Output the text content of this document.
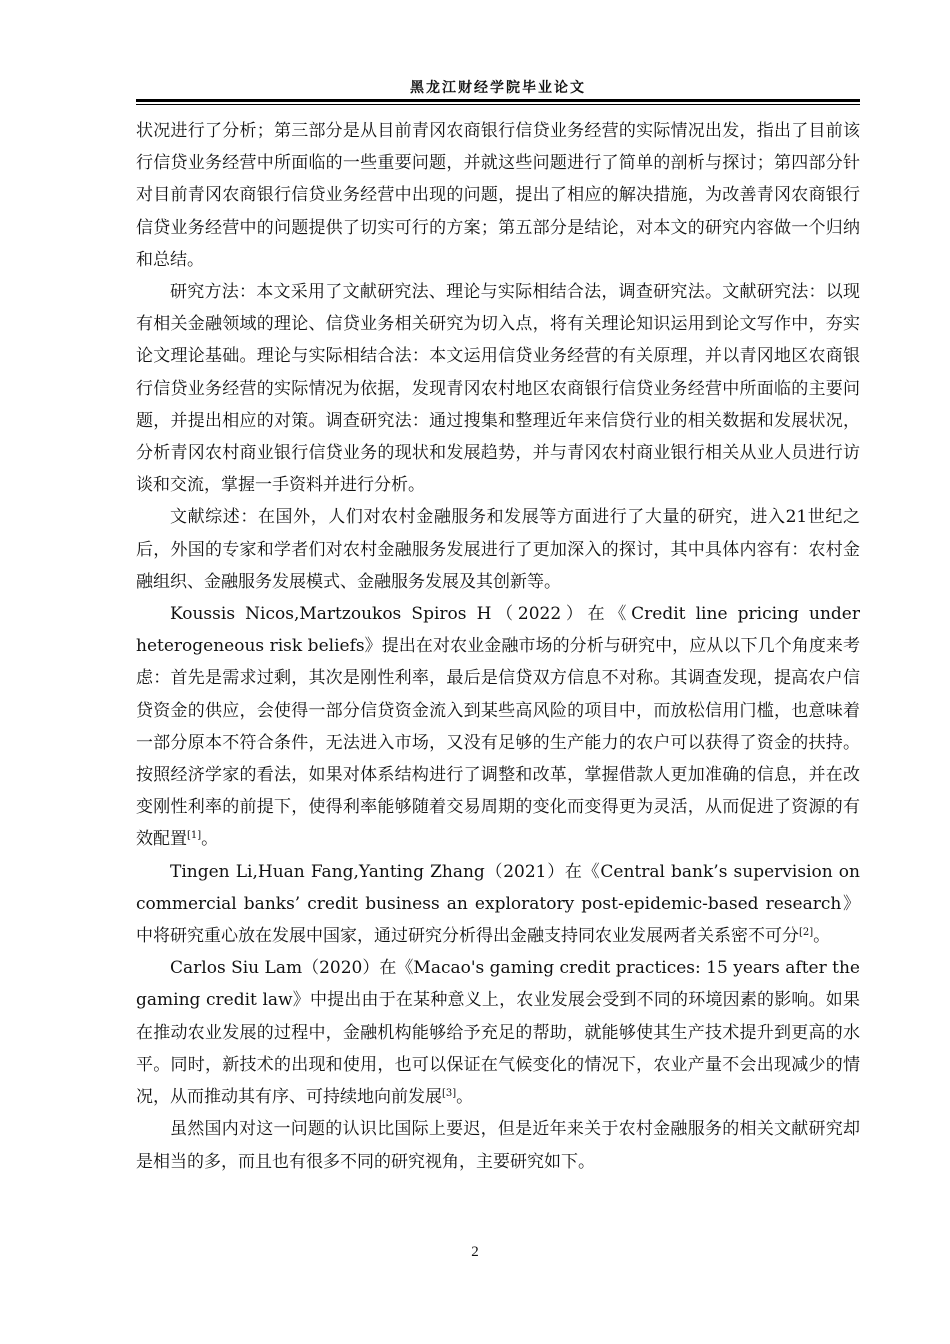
黑龙江财经学院毕业论文

状况进行了分析；第三部分是从目前青冈农商银行信贷业务经营的实际情况出发，指出了目前该行信贷业务经营中所面临的一些重要问题，并就这些问题进行了简单的剖析与探讨；第四部分针对目前青冈农商银行信贷业务经营中出现的问题，提出了相应的解决措施，为改善青冈农商银行信贷业务经营中的问题提供了切实可行的方案；第五部分是结论，对本文的研究内容做一个归纳和总结。

研究方法：本文采用了文献研究法、理论与实际相结合法，调查研究法。文献研究法：以现有相关金融领域的理论、信贷业务相关研究为切入点，将有关理论知识运用到论文写作中，夯实论文理论基础。理论与实际相结合法：本文运用信贷业务经营的有关原理，并以青冈地区农商银行信贷业务经营的实际情况为依据，发现青冈农村地区农商银行信贷业务经营中所面临的主要问题，并提出相应的对策。调查研究法：通过搜集和整理近年来信贷行业的相关数据和发展状况，分析青冈农村商业银行信贷业务的现状和发展趋势，并与青冈农村商业银行相关从业人员进行访谈和交流，掌握一手资料并进行分析。

文献综述：在国外，人们对农村金融服务和发展等方面进行了大量的研究，进入21世纪之后，外国的专家和学者们对农村金融服务发展进行了更加深入的探讨，其中具体内容有：农村金融组织、金融服务发展模式、金融服务发展及其创新等。

Koussis Nicos,Martzoukos Spiros H（2022）在《Credit line pricing under heterogeneous risk beliefs》提出在对农业金融市场的分析与研究中，应从以下几个角度来考虑：首先是需求过剩，其次是刚性利率，最后是信贷双方信息不对称。其调查发现，提高农户信贷资金的供应，会使得一部分信贷资金流入到某些高风险的项目中，而放松信用门槛，也意味着一部分原本不符合条件，无法进入市场，又没有足够的生产能力的农户可以获得了资金的扶持。按照经济学家的看法，如果对体系结构进行了调整和改革，掌握借款人更加准确的信息，并在改变刚性利率的前提下，使得利率能够随着交易周期的变化而变得更为灵活，从而促进了资源的有效配置[1]。

Tingen Li,Huan Fang,Yanting Zhang（2021）在《Central bank’s supervision on commercial banks’ credit business an exploratory post-epidemic-based research》中将研究重心放在发展中国家，通过研究分析得出金融支持同农业发展两者关系密不可分[2]。

Carlos Siu Lam（2020）在《Macao's gaming credit practices: 15 years after the gaming credit law》中提出由于在某种意义上，农业发展会受到不同的环境因素的影响。如果在推动农业发展的过程中，金融机构能够给予充足的帮助，就能够使其生产技术提升到更高的水平。同时，新技术的出现和使用，也可以保证在气候变化的情况下，农业产量不会出现减少的情况，从而推动其有序、可持续地向前发展[3]。

虽然国内对这一问题的认识比国际上要迟，但是近年来关于农村金融服务的相关文献研究却是相当的多，而且也有很多不同的研究视角，主要研究如下。

2
